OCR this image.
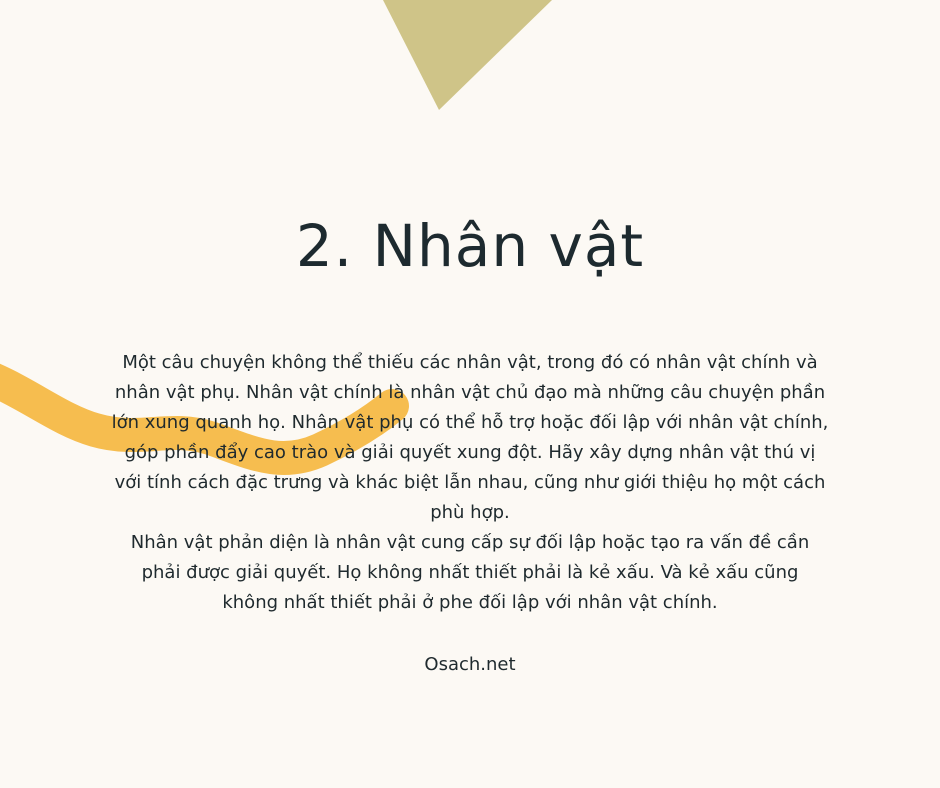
2. Nhân vật

Một câu chuyện không thể thiếu các nhân vật, trong đó có nhân vật chính và
nhân vật phụ. Nhân vật chính là nhân vật chủ đạo mà những câu chuyện phần
lớn xung quanh họ. Nhân vật phụ có thể hỗ trợ hoặc đối lập với nhân vật chính,
góp phần đẩy cao trào và giải quyết xung đột. Hãy xây dựng nhân vật thú vị
với tính cách đặc trưng và khác biệt lẫn nhau, cũng như giới thiệu họ một cách
phù hợp.

Nhân vật phản diện là nhân vật cung cấp sự đối lập hoặc tạo ra vấn đề cần
phải được giải quyết. Họ không nhất thiết phải là kẻ xấu. Và kẻ xấu cũng
không nhất thiết phải ở phe đối lập với nhân vật chính.

Osach.net
